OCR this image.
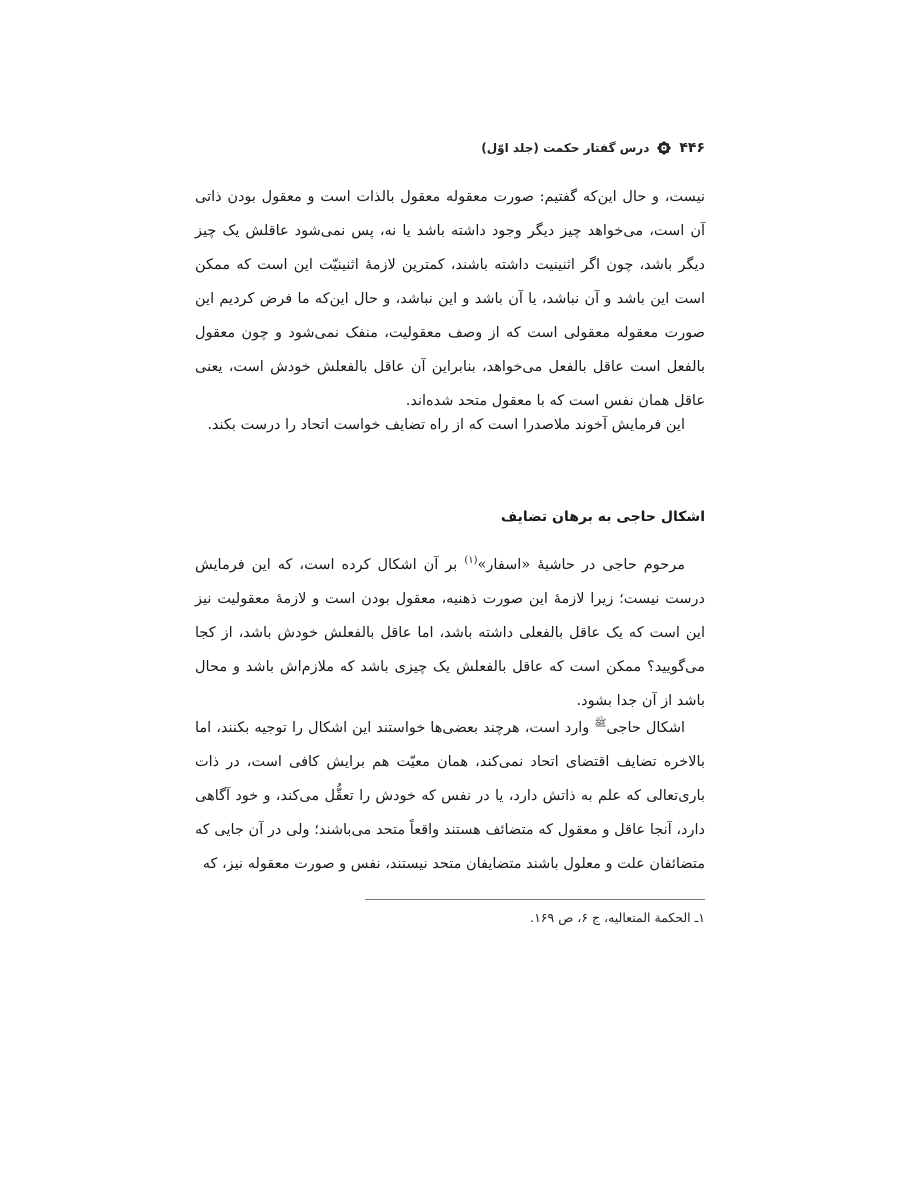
۴۴۶
درس گفتار حکمت (جلد اوّل)

نیست، و حال این‌که گفتیم: صورت معقوله معقول بالذات است و معقول بودن ذاتی آن است، می‌خواهد چیز دیگر وجود داشته باشد یا نه، پس نمی‌شود عاقلش یک چیز دیگر باشد، چون اگر اثنینیت داشته باشند، کمترین لازمهٔ اثنینیّت این است که ممکن است این باشد و آن نباشد، یا آن باشد و این نباشد، و حال این‌که ما فرض کردیم این صورت معقوله معقولی است که از وصف معقولیت، منفک نمی‌شود و چون معقول بالفعل است عاقل بالفعل می‌خواهد، بنابراین آن عاقل بالفعلش خودش است، یعنی عاقل همان نفس است که با معقول متحد شده‌اند.

این فرمایش آخوند ملاصدرا است که از راه تضایف خواست اتحاد را درست بکند.

اشکال حاجی به برهان تضایف

مرحوم حاجی در حاشیهٔ «اسفار»$^{(۱)}$ بر آن اشکال کرده است، که این فرمایش درست نیست؛ زیرا لازمهٔ این صورت ذهنیه، معقول بودن است و لازمهٔ معقولیت نیز این است که یک عاقل بالفعلی داشته باشد، اما عاقل بالفعلش خودش باشد، از کجا می‌گویید؟ ممکن است که عاقل بالفعلش یک چیزی باشد که ملازم‌اش باشد و محال باشد از آن جدا بشود.

اشکال حاجی$^ﷺ$ وارد است، هرچند بعضی‌ها خواستند این اشکال را توجیه بکنند، اما بالاخره تضایف اقتضای اتحاد نمی‌کند، همان معیّت هم برایش کافی است، در ذات باری‌تعالی که علم به ذاتش دارد، یا در نفس که خودش را تعقُّل می‌کند، و خود آگاهی دارد، آنجا عاقل و معقول که متضائف هستند واقعاً متحد می‌باشند؛ ولی در آن جایی که متضائفان علت و معلول باشند متضایفان متحد نیستند، نفس و صورت معقوله نیز، که

۱ـ الحکمة المتعالیه، ج ۶، ص ۱۶۹.
